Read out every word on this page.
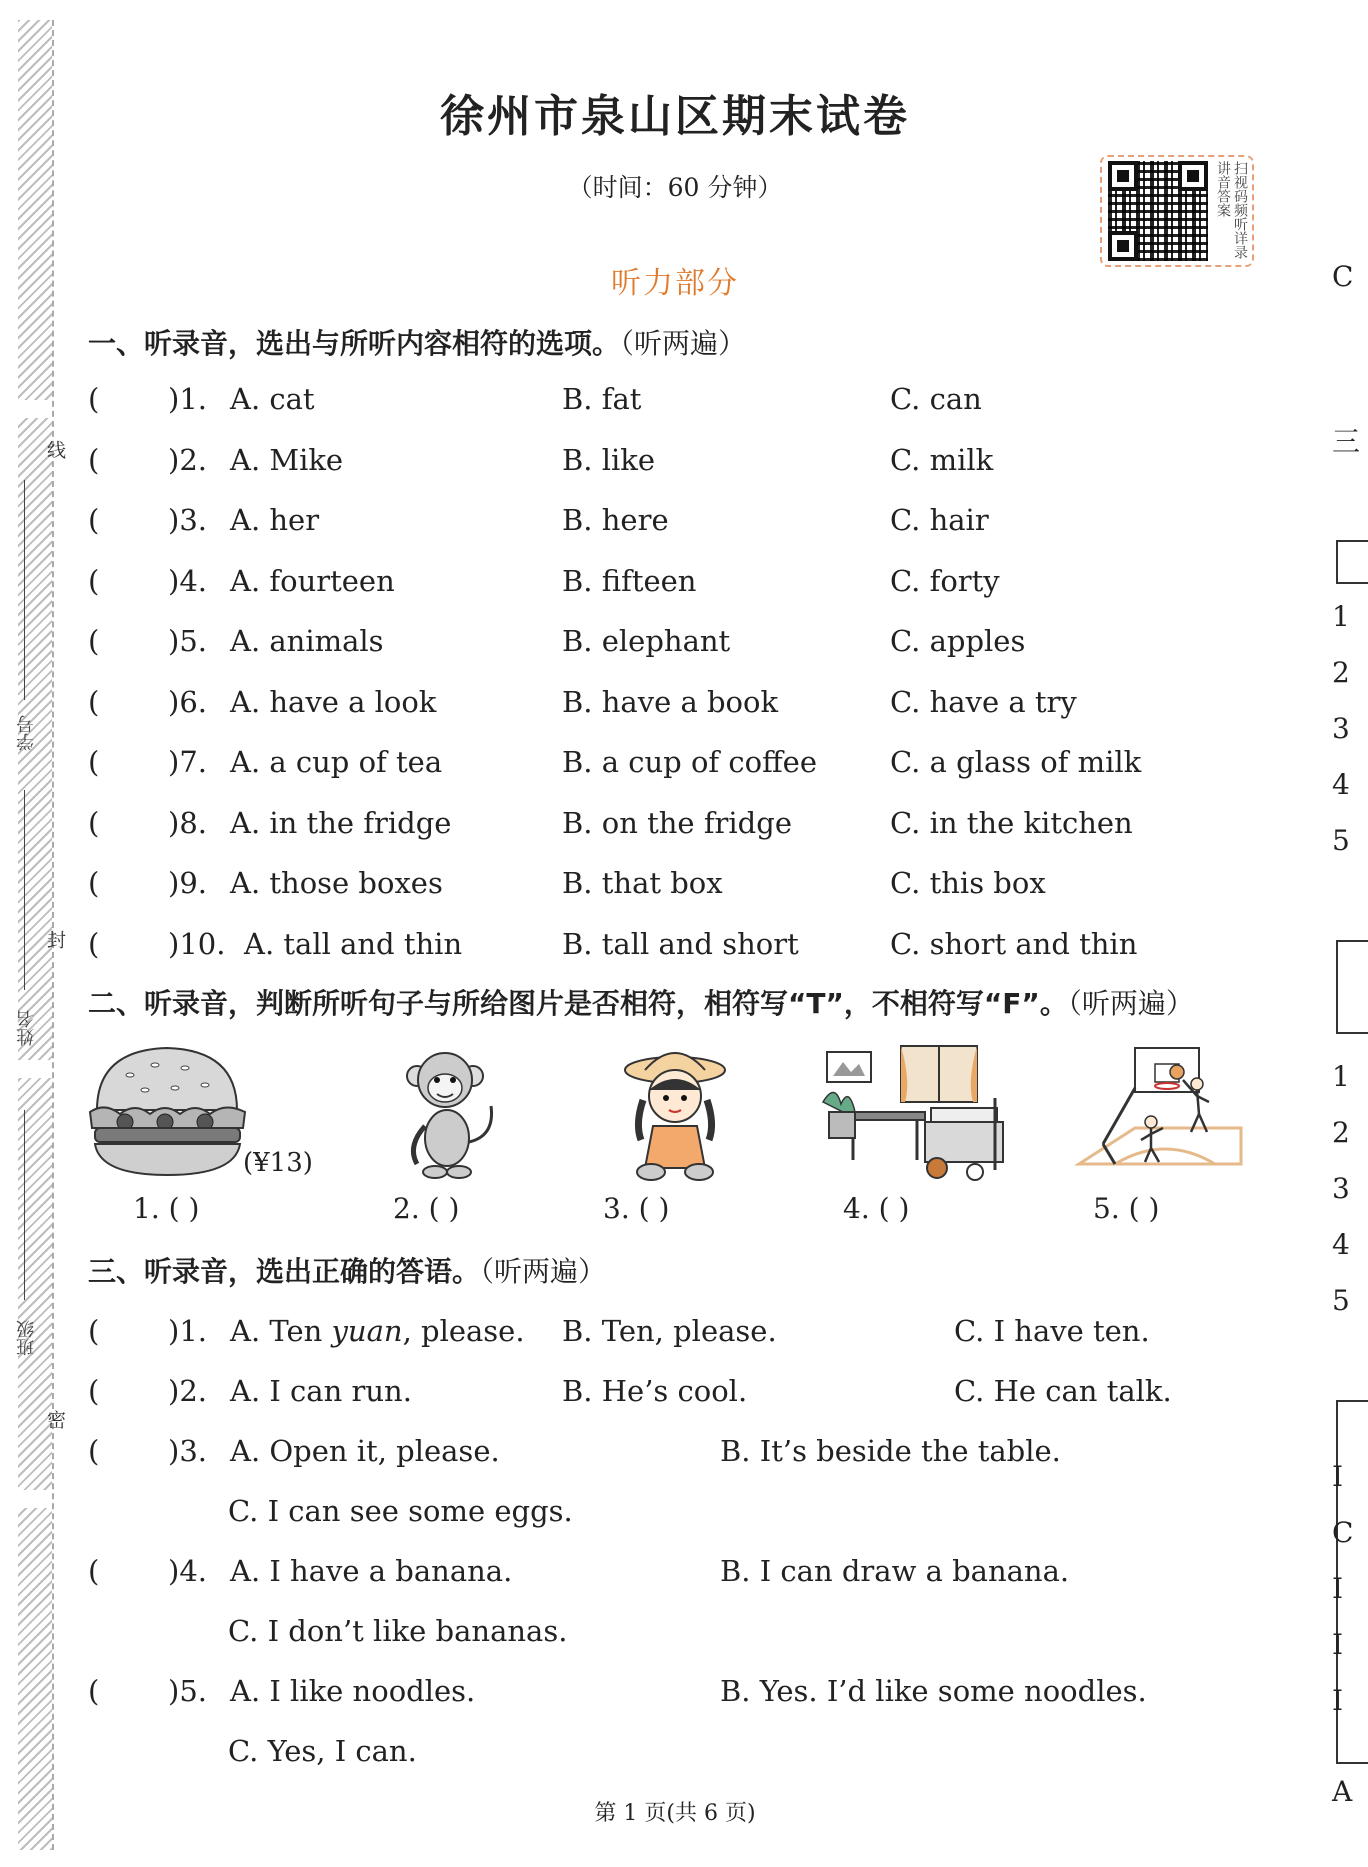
线
封
密
学号
姓名
班级
C
三
1
2
3
4
5
1
2
3
4
5
I
C
I
I
I
A
徐州市泉山区期末试卷
（时间：60 分钟）	扫视码频听详录讲音答案
听力部分
一、听录音，选出与所听内容相符的选项。（听两遍）
( )1. A. cat	B. fat	C. can
( )2. A. Mike	B. like	C. milk
( )3. A. her	B. here	C. hair
( )4. A. fourteen	B. fifteen	C. forty
( )5. A. animals	B. elephant	C. apples
( )6. A. have a look	B. have a book	C. have a try
( )7. A. a cup of tea	B. a cup of coffee	C. a glass of milk
( )8. A. in the fridge	B. on the fridge	C. in the kitchen
( )9. A. those boxes	B. that box	C. this box
( )10. A. tall and thin	B. tall and short	C. short and thin
二、听录音，判断所听句子与所给图片是否相符，相符写“T”，不相符写“F”。（听两遍）
(¥13)
1. ( )	2. ( )	3. ( )	4. ( )	5. ( )
三、听录音，选出正确的答语。（听两遍）
( )1. A. Ten yuan, please. B. Ten, please.	C. I have ten.
( )2. A. I can run.	B. He’s cool.	C. He can talk.
( )3. A. Open it, please.	B. It’s beside the table.
C. I can see some eggs.
( )4. A. I have a banana.	B. I can draw a banana.
C. I don’t like bananas.
( )5. A. I like noodles.	B. Yes. I’d like some noodles.
C. Yes, I can.
第 1 页(共 6 页)
